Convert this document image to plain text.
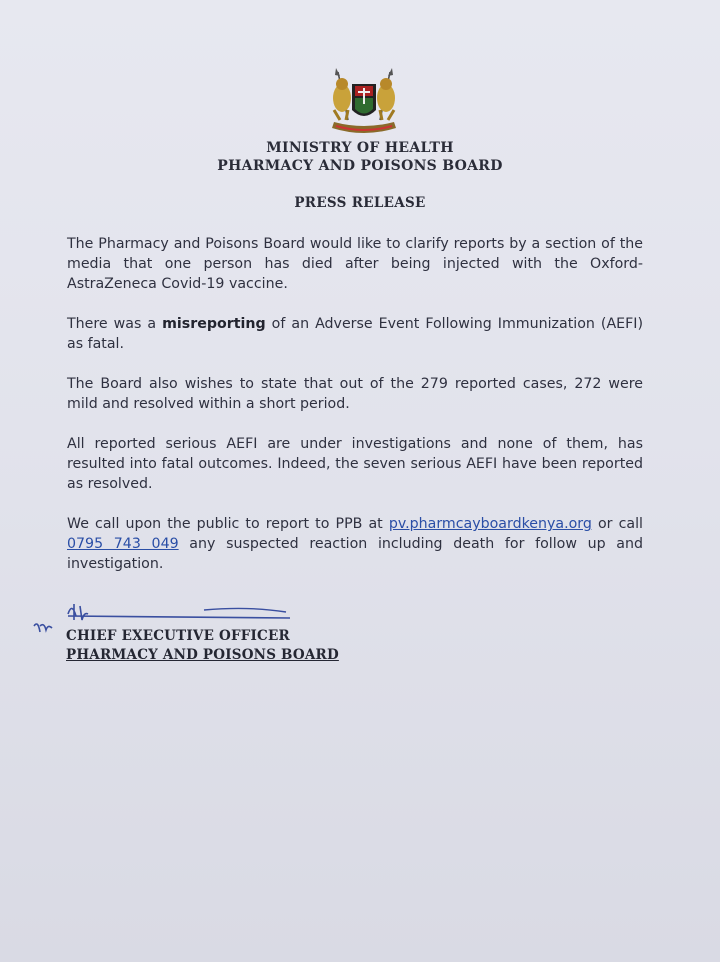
MINISTRY OF HEALTH
PHARMACY AND POISONS BOARD
PRESS RELEASE
The Pharmacy and Poisons Board would like to clarify reports by a section of the media that one person has died after being injected with the Oxford-AstraZeneca Covid-19 vaccine.
There was a misreporting of an Adverse Event Following Immunization (AEFI) as fatal.
The Board also wishes to state that out of the 279 reported cases, 272 were mild and resolved within a short period.
All reported serious AEFI are under investigations and none of them, has resulted into fatal outcomes. Indeed, the seven serious AEFI have been reported as resolved.
We call upon the public to report to PPB at pv.pharmcayboardkenya.org or call 0795 743 049 any suspected reaction including death for follow up and investigation.
CHIEF EXECUTIVE OFFICER
PHARMACY AND POISONS BOARD
